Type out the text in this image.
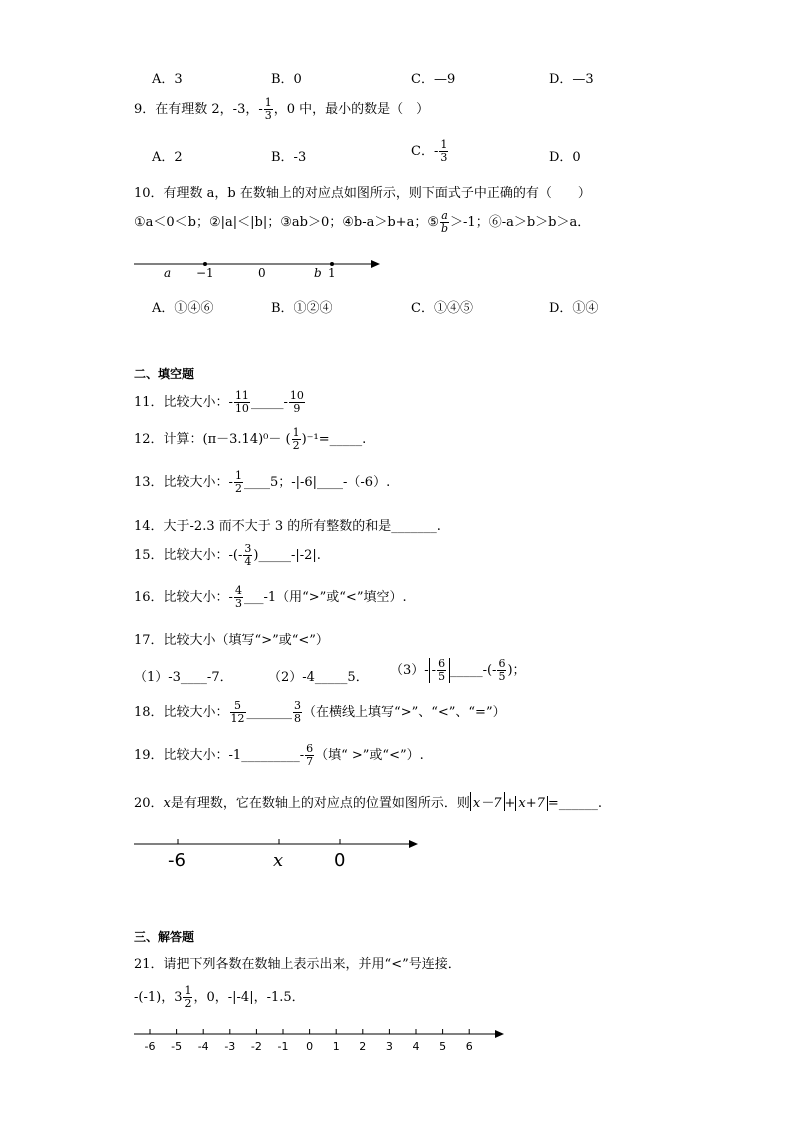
A．3	B．0	C．—9	D．—3
9．在有理数 2，-3，- $\frac{1}{3}$ ，0 中，最小的数是（　）
A．2	B．-3	C．- $\frac{1}{3}$	D．0
10．有理数 a，b 在数轴上的对应点如图所示，则下面式子中正确的有（　　）
①a＜0＜b；②|a|＜|b|；③ab＞0；④b-a＞b+a；⑤ $\frac{a}{b} >-1$；⑥-a＞b＞b＞a．
a −1	0	b 1
A．①④⑥	B．①②④	C．①④⑤	D．①④
二、填空题
11．比较大小：- $\frac{11}{10}$ _____- $\frac{10}{9}$
12．计算：(π－3.14)⁰－ ( $\frac{1}{2}$ )⁻¹=_____.
13．比较大小：- $\frac{1}{2}$ ____5；-|-6|____-（-6）.
14．大于-2.3 而不大于 3 的所有整数的和是_______.
15．比较大小：-(- $\frac{3}{4}$ )_____-|-2|.
16．比较大小：- $\frac{4}{3}$ ___-1（用“>”或“<”填空）.
17．比较大小（填写“>”或“<”）
（1）-3____-7．	（2）-4_____5． $(3)- - \frac{6}{5}$ _____-(- $\frac{6}{5}$ )；
18．比较大小： $\frac{5}{12}$ _______ $\frac{3}{8}$ （在横线上填写“>”、“<”、“=”）
19．比较大小：-1_________- $\frac{6}{7}$ （填“ >”或“<”）.
20．x是有理数，它在数轴上的对应点的位置如图所示．则 x－7 + x+7 =______.
-6	x	0
三、解答题
21．请把下列各数在数轴上表示出来，并用“<”号连接．
-(-1)，$3 \frac{1}{2}$ ，0，-|-4|，-1.5．
-6 -5 -4 -3 -2 -1 0 1 2 3 4 5 6
